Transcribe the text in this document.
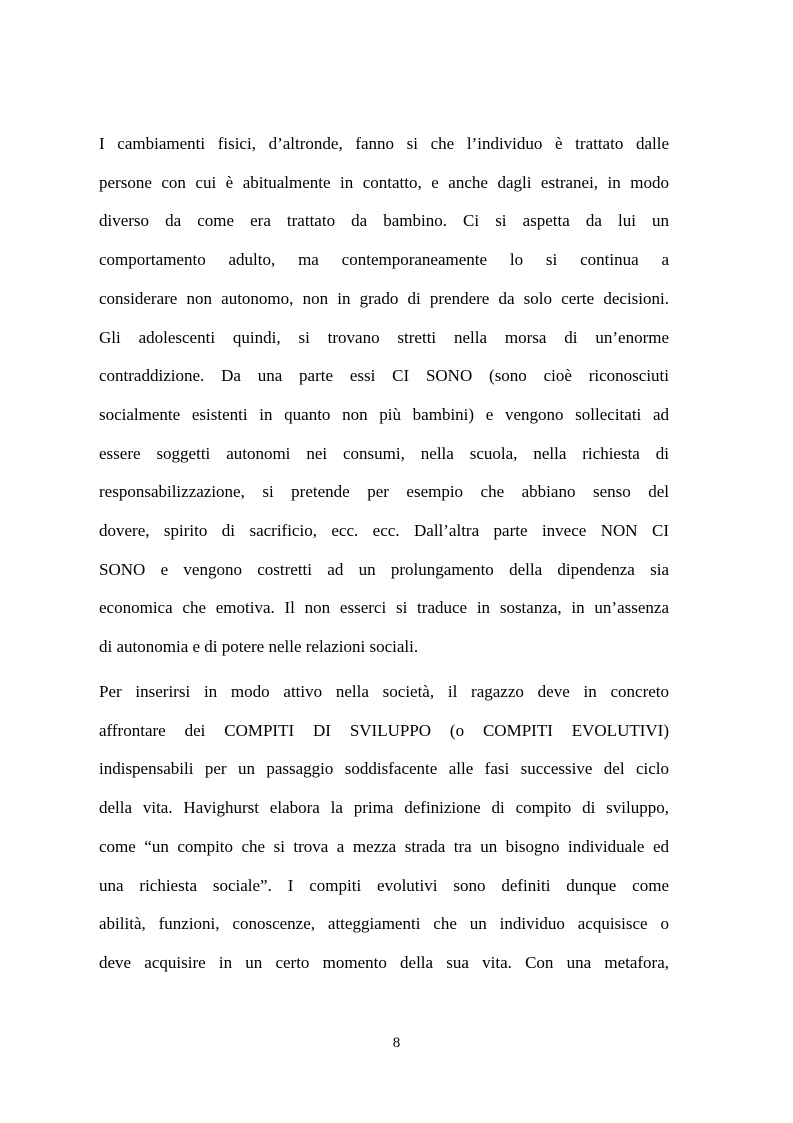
I cambiamenti fisici, d’altronde, fanno si che l’individuo è trattato dalle
persone con cui è abitualmente in contatto, e anche dagli estranei, in modo
diverso da come era trattato da bambino. Ci si aspetta da lui un
comportamento adulto, ma contemporaneamente lo si continua a
considerare non autonomo, non in grado di prendere da solo certe decisioni.
Gli adolescenti quindi, si trovano stretti nella morsa di un’enorme
contraddizione. Da una parte essi CI SONO (sono cioè riconosciuti
socialmente esistenti in quanto non più bambini) e vengono sollecitati ad
essere soggetti autonomi nei consumi, nella scuola, nella richiesta di
responsabilizzazione, si pretende per esempio che abbiano senso del
dovere, spirito di sacrificio, ecc. ecc. Dall’altra parte invece NON CI
SONO e vengono costretti ad un prolungamento della dipendenza sia
economica che emotiva. Il non esserci si traduce in sostanza, in un’assenza
di autonomia e di potere nelle relazioni sociali.
Per inserirsi in modo attivo nella società, il ragazzo deve in concreto
affrontare dei COMPITI DI SVILUPPO (o COMPITI EVOLUTIVI)
indispensabili per un passaggio soddisfacente alle fasi successive del ciclo
della vita. Havighurst elabora la prima definizione di compito di sviluppo,
come “un compito che si trova a mezza strada tra un bisogno individuale ed
una richiesta sociale”. I compiti evolutivi sono definiti dunque come
abilità, funzioni, conoscenze, atteggiamenti che un individuo acquisisce o
deve acquisire in un certo momento della sua vita. Con una metafora,
8
